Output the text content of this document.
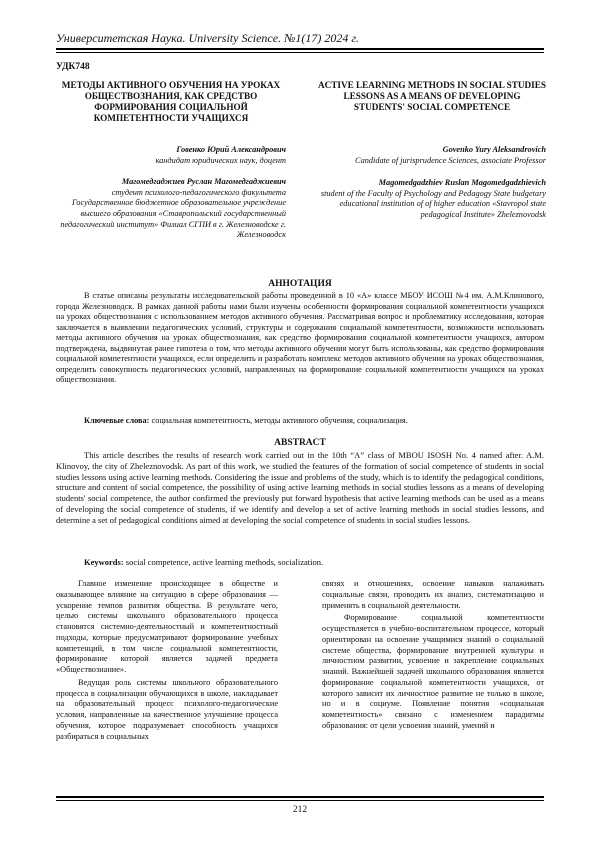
Университетская Наука. University Science. №1(17) 2024 г.
УДК748

МЕТОДЫ АКТИВНОГО ОБУЧЕНИЯ НА УРОКАХ ОБЩЕСТВОЗНАНИЯ, КАК СРЕДСТВО ФОРМИРОВАНИЯ СОЦИАЛЬНОЙ КОМПЕТЕНТНОСТИ УЧАЩИХСЯ

Говенко Юрий Александрович
кандидат юридических наук, доцент
Магомедгаджиев Руслан Магомедгаджиевич
студент психолого-педагогического факультета Государственное бюджетное образовательное учреждение высшего образования «Ставропольский государственный педагогический институт» Филиал СГПИ в г. Железноводске г. Железноводск

ACTIVE LEARNING METHODS IN SOCIAL STUDIES LESSONS AS A MEANS OF DEVELOPING STUDENTS' SOCIAL COMPETENCE

Govenko Yury Aleksandrovich
Candidate of jurisprudence Sciences, associate Professor
Magomedgadzhiev Ruslan Magomedgadzhievich
student of the Faculty of Psychology and Pedagogy State budgetary educational institution of of higher education «Stavropol state pedagogical Institute» Zheleznovodsk
АННОТАЦИЯ

В статье описаны результаты исследовательской работы проведенной в 10 «А» классе МБОУ ИСОШ №4 им. А.М.Клинового, города Железноводск. В рамках данной работы нами были изучены особенности формирования социальной компетентности учащихся на уроках обществознания с использованием методов активного обучения. Рассматривая вопрос и проблематику исследования, которая заключается в выявлении педагогических условий, структуры и содержания социальной компетентности, возможности использовать методы активного обучения на уроках обществознания, как средство формирования социальной компетентности учащихся, автором подтверждена, выдвинутая ранее гипотеза о том, что методы активного обучения могут быть использованы, как средство формирования социальной компетентности учащихся, если определить и разработать комплекс методов активного обучения на уроках обществознания, определить совокупность педагогических условий, направленных на формирование социальной компетентности учащихся на уроках обществознания.

Ключевые слова: социальная компетентность, методы активного обучения, социализация.

ABSTRACT

This article describes the results of research work carried out in the 10th “A” class of MBOU ISOSH No. 4 named after. A.M. Klinovoy, the city of Zheleznovodsk. As part of this work, we studied the features of the formation of social competence of students in social studies lessons using active learning methods. Considering the issue and problems of the study, which is to identify the pedagogical conditions, structure and content of social competence, the possibility of using active learning methods in social studies lessons as a means of developing students' social competence, the author confirmed the previously put forward hypothesis that active learning methods can be used as a means of developing the social competence of students, if we identify and develop a set of active learning methods in social studies lessons, and determine a set of pedagogical conditions aimed at developing the social competence of students in social studies lessons.

Keywords: social competence, active learning methods, socialization.

Главное изменение происходящее в обществе и оказывающее влияние на ситуацию в сфере образования — ускорение темпов развития общества. В результате чего, целью системы школьного образовательного процесса становятся системно-деятельностный и компетентностный подходы, которые предусматривают формирование учебных компетенций, в том числе социальной компетентности, формирование которой является задачей предмета «Обществознание».

Ведущая роль системы школьного образовательного процесса в социализации обучающихся в школе, накладывает на образовательный процесс психолого-педагогические условия, направленные на качественное улучшение процесса обучения, которое подразумевает способность учащихся разбираться в социальных

связях и отношениях, освоение навыков налаживать социальные связи, проводить их анализ, систематизацию и применять в социальной деятельности.

Формирование социальной компетентности осуществляется в учебно-воспитательном процессе, который ориентирован на освоение учащимися знаний о социальной системе общества, формирование внутренней культуры и личностном развитии, усвоение и закрепление социальных знаний. Важнейшей задачей школьного образования является формирование социальной компетентности учащихся, от которого зависит их личностное развитие не только в школе, но и в социуме. Появление понятия «социальная компетентность» связано с изменением парадигмы образования: от цели усвоения знаний, умений и

212
